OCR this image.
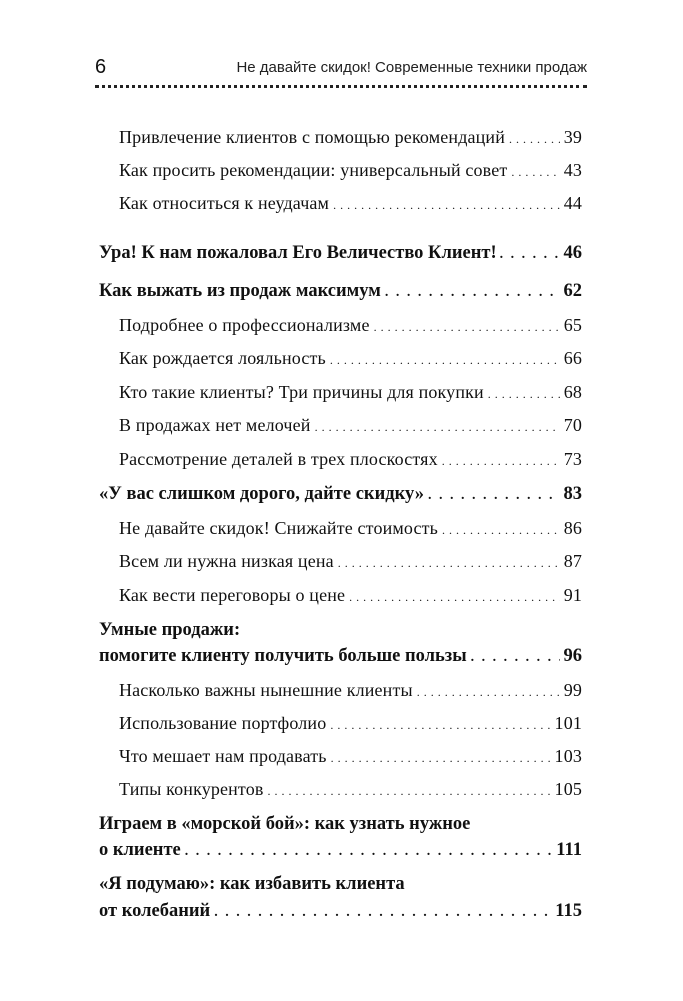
6	Не давайте скидок! Современные техники продаж
Привлечение клиентов с помощью рекомендаций . . .	39
Как просить рекомендации: универсальный совет . . .	43
Как относиться к неудачам . . .	44
Ура! К нам пожаловал Его Величество Клиент! . . .	46
Как выжать из продаж максимум . . .	62
Подробнее о профессионализме . . .	65
Как рождается лояльность . . .	66
Кто такие клиенты? Три причины для покупки . . .	68
В продажах нет мелочей . . .	70
Рассмотрение деталей в трех плоскостях . . .	73
«У вас слишком дорого, дайте скидку» . . .	83
Не давайте скидок! Снижайте стоимость . . .	86
Всем ли нужна низкая цена . . .	87
Как вести переговоры о цене . . .	91
Умные продажи:
помогите клиенту получить больше пользы . . .	96
Насколько важны нынешние клиенты . . .	99
Использование портфолио . . .	101
Что мешает нам продавать . . .	103
Типы конкурентов . . .	105
Играем в «морской бой»: как узнать нужное
о клиенте . . .	111
«Я подумаю»: как избавить клиента
от колебаний . . .	115
